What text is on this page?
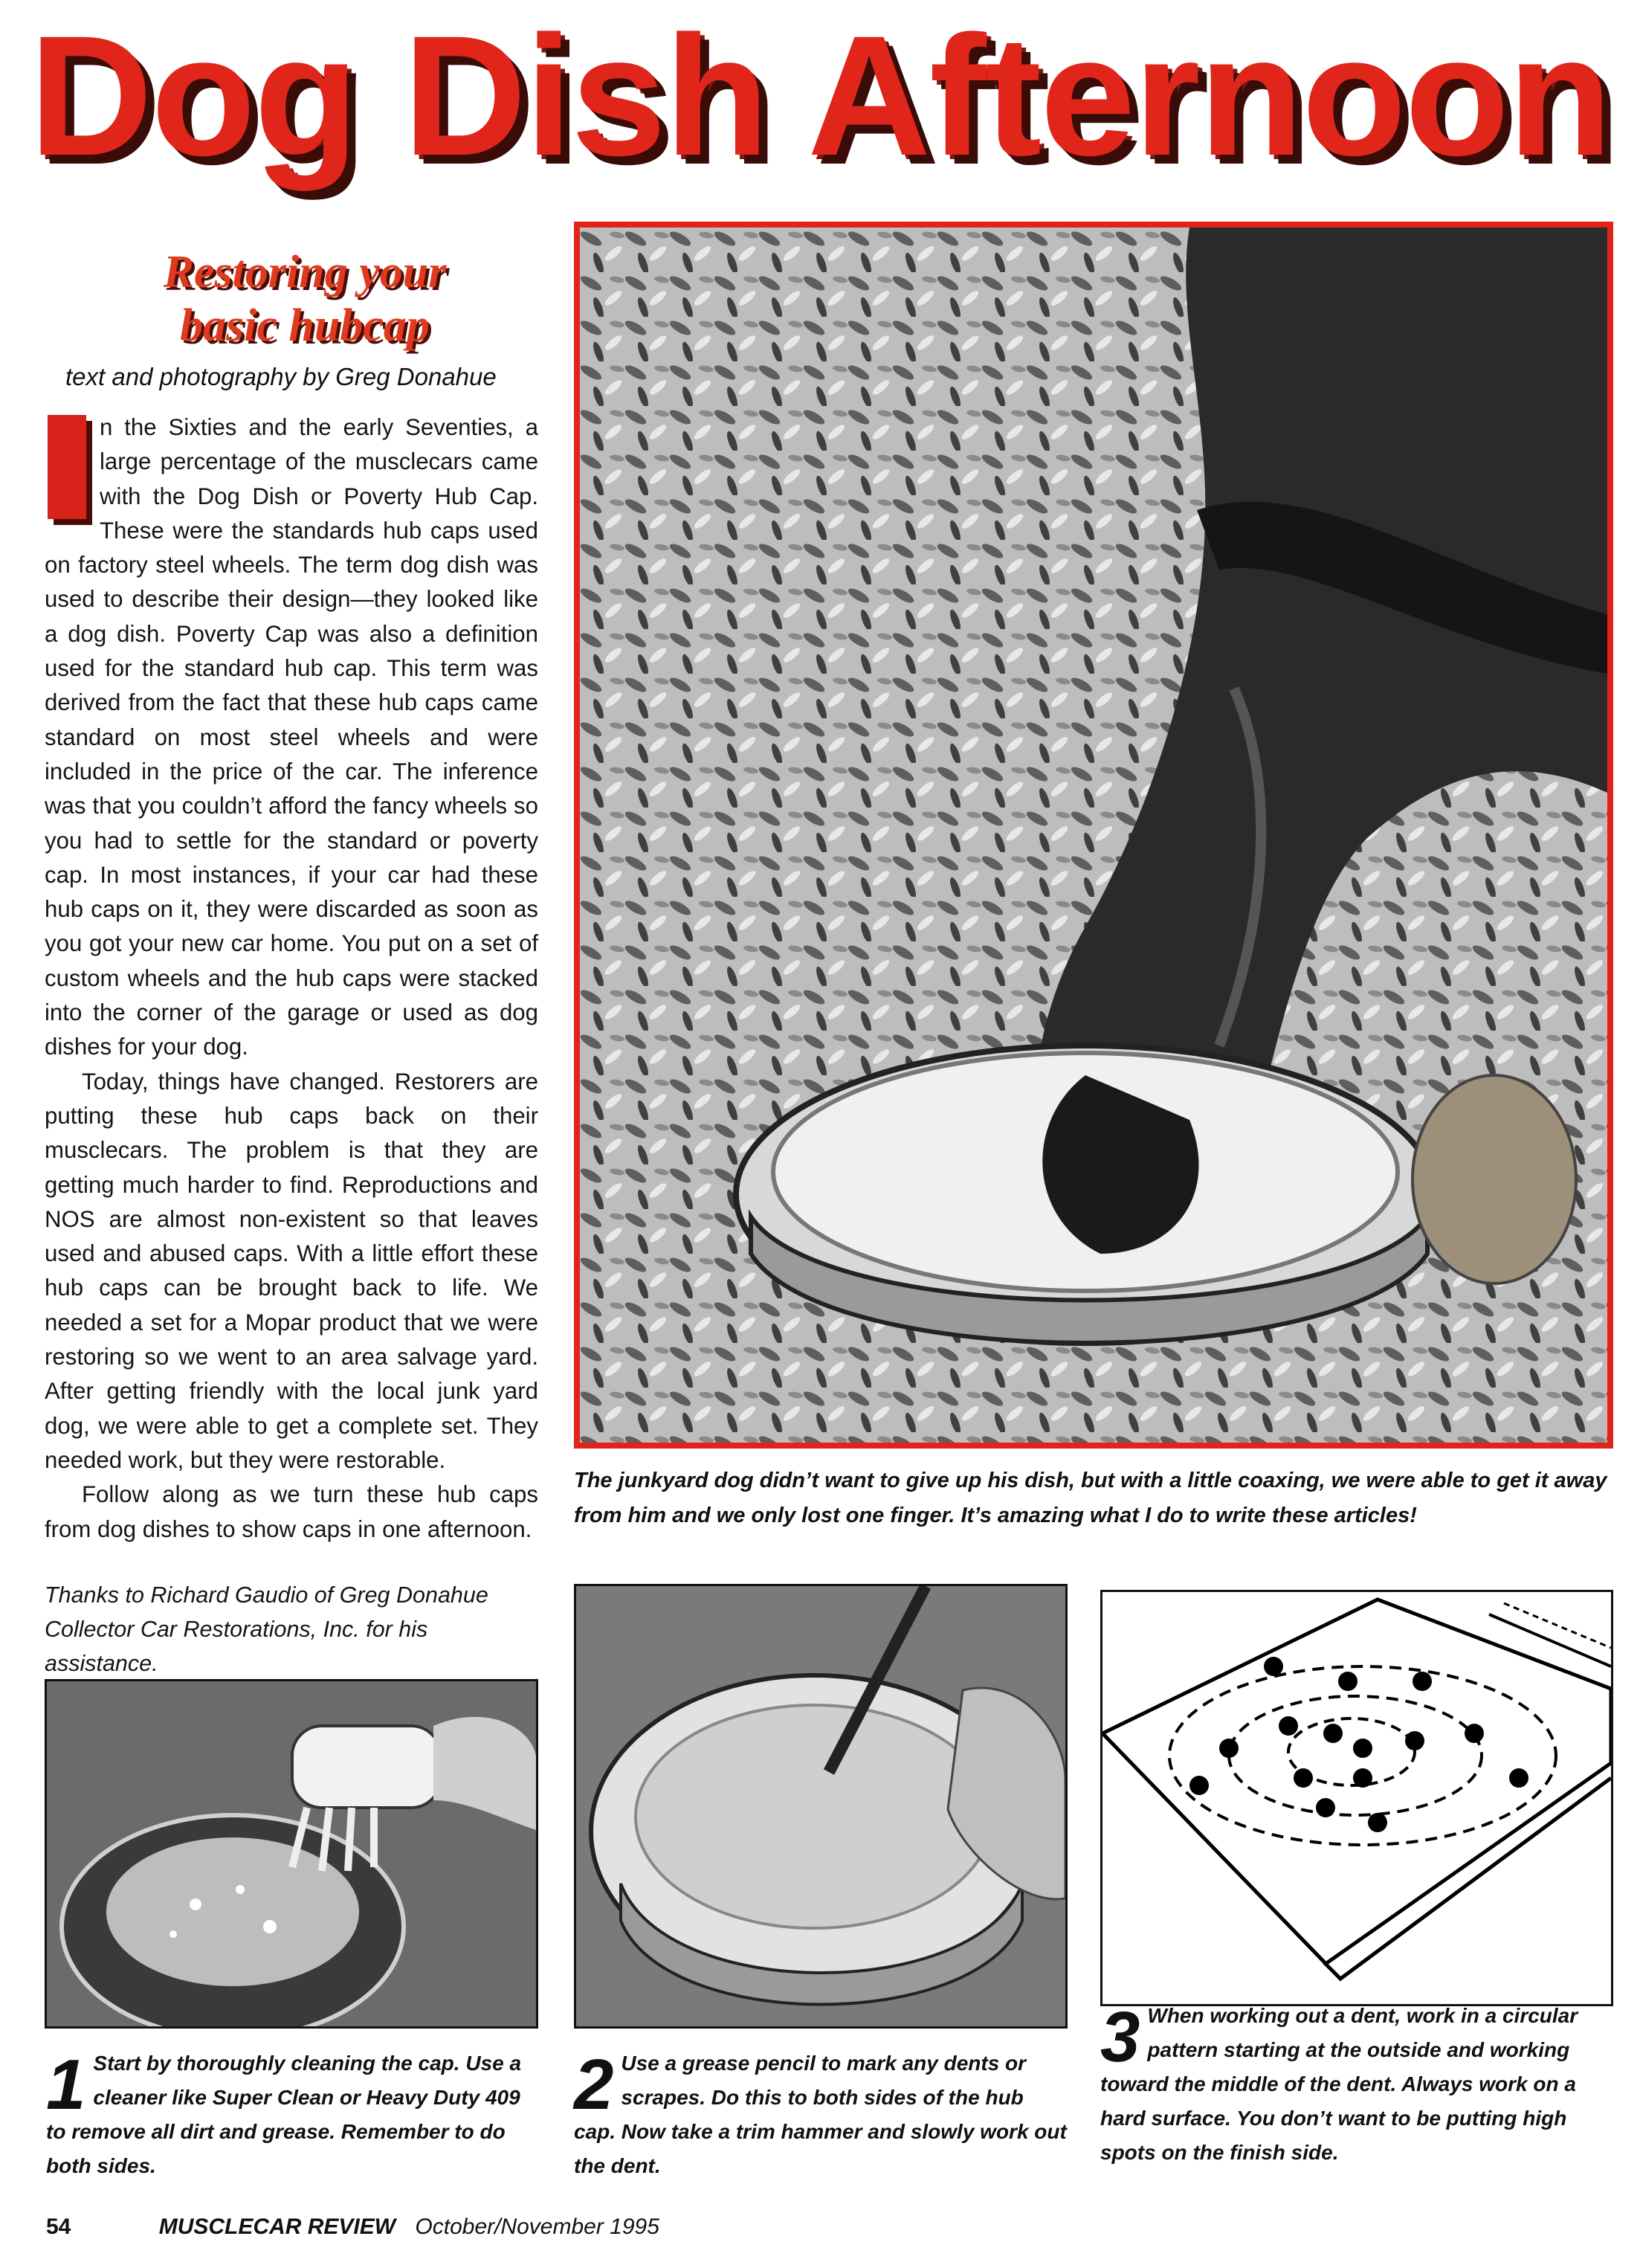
Dog Dish Afternoon
Restoring your
basic hubcap
text and photography by Greg Donahue

n the Sixties and the early Seventies, a large percentage of the musclecars came with the Dog Dish or Poverty Hub Cap. These were the standards hub caps used on factory steel wheels. The term dog dish was used to describe their design—they looked like a dog dish. Poverty Cap was also a definition used for the standard hub cap. This term was derived from the fact that these hub caps came standard on most steel wheels and were included in the price of the car. The inference was that you couldn’t afford the fancy wheels so you had to settle for the standard or poverty cap. In most instances, if your car had these hub caps on it, they were discarded as soon as you got your new car home. You put on a set of custom wheels and the hub caps were stacked into the corner of the garage or used as dog dishes for your dog.

Today, things have changed. Restorers are putting these hub caps back on their musclecars. The problem is that they are getting much harder to find. Reproductions and NOS are almost non-existent so that leaves used and abused caps. With a little effort these hub caps can be brought back to life. We needed a set for a Mopar product that we were restoring so we went to an area salvage yard. After getting friendly with the local junk yard dog, we were able to get a complete set. They needed work, but they were restorable.

Follow along as we turn these hub caps from dog dishes to show caps in one afternoon.

Thanks to Richard Gaudio of Greg Donahue Collector Car Restorations, Inc. for his assistance.
The junkyard dog didn’t want to give up his dish, but with a little coaxing, we were able to get it away from him and we only lost one finger. It’s amazing what I do to write these articles!
1 Start by thoroughly cleaning the cap. Use a cleaner like Super Clean or Heavy Duty 409 to remove all dirt and grease. Remember to do both sides.
2 Use a grease pencil to mark any dents or scrapes. Do this to both sides of the hub cap. Now take a trim hammer and slowly work out the dent.
3 When working out a dent, work in a circular pattern starting at the outside and working toward the middle of the dent. Always work on a hard surface. You don’t want to be putting high spots on the finish side.
54	MUSCLECAR REVIEW October/November 1995
